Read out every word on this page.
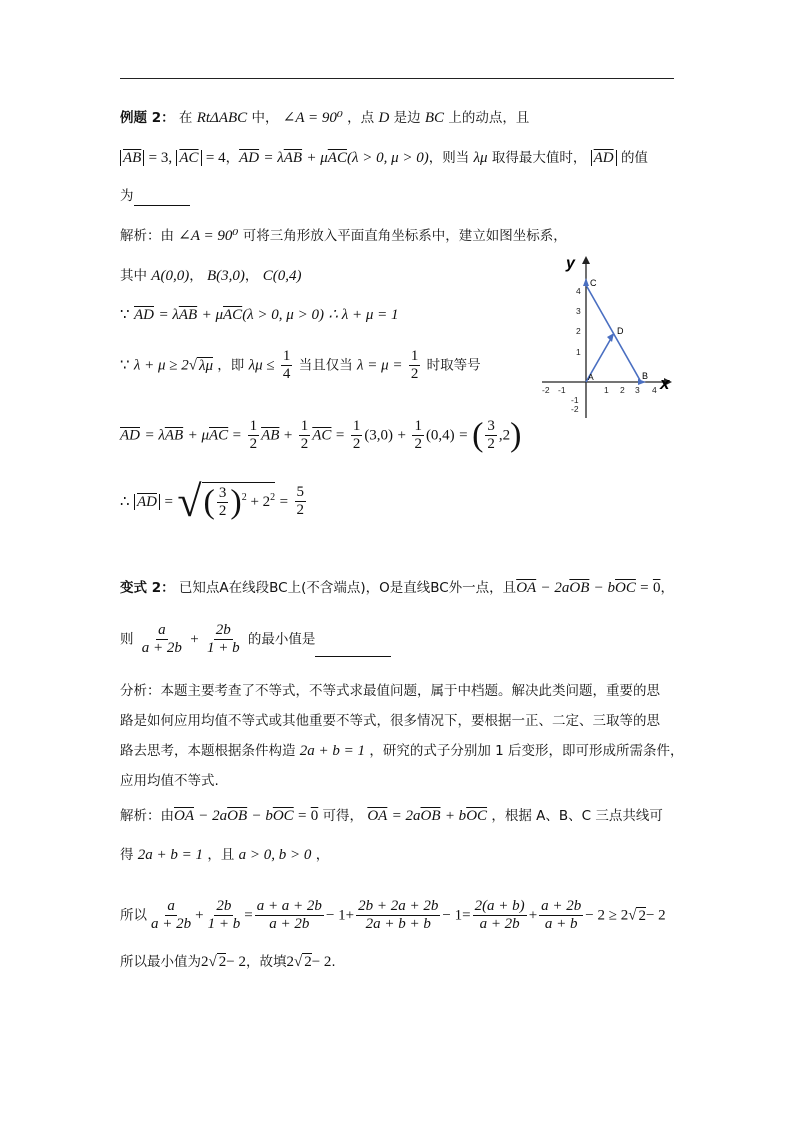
例题 2： 在 RtΔABC 中， ∠A = 90⁰ ，点 D 是边 BC 上的动点，且
$\overline{AB} = 3$, $\overline{AC} = 4$，$\overline{AD} = \lambda\overline{AB} + \mu\overline{AC}(\lambda > 0$, μ > 0)，则当 λμ 取得最大值时， $\overline{AD}$ 的值
为
解析：由 ∠A = 90⁰ 可将三角形放入平面直角坐标系中，建立如图坐标系，
其中 A(0,0)， B(3,0)， C(0,4)
∵ $\overline{AD} = \lambda\overline{AB} + \mu\overline{AC}(\lambda > 0$, μ > 0) ∴ λ + μ = 1
∵ λ + μ ≥ 2√ λμ ，即 $\lambda\mu \le \frac{1}{4}$ 当且仅当 $\lambda = \mu = \frac{1}{2}$ 时取等号
$\overline{AD} = \lambda\overline{AB} + \mu\overline{AC} = \frac{1}{2} \overline{AB} + \frac{1}{2} \overline{AC} = \frac{1}{2} (3,0) + \frac{1}{2} (0,4)$ = ( $\frac{3}{2} ,2$)
∴ $\overline{AD}$ = √( $\frac{3}{2} )^2 + 2^2 = \frac{5}{2}$
y
x
-2 -1	1 2 3 4
4
3
2
1
-1
-2
C
D
B
A
变式 2： 已知点A在线段BC上(不含端点)，O是直线BC外一点，且$\overline{OA} - 2a\overline{OB} - b\overline{OC} = 0$，
则 $\frac{a}{a + 2b} + \frac{2b}{1 + b}$ 的最小值是
分析：本题主要考查了不等式，不等式求最值问题，属于中档题。解决此类问题，重要的思
路是如何应用均值不等式或其他重要不等式，很多情况下，要根据一正、二定、三取等的思
路去思考，本题根据条件构造 2a + b = 1 ，研究的式子分别加 1 后变形，即可形成所需条件，
应用均值不等式.
解析：由$\overline{OA} - 2a\overline{OB} - b\overline{OC} = 0$ 可得， $\overline{OA} = 2a\overline{OB} + b\overline{OC}$ ，根据 A、B、C 三点共线可
得 2a + b = 1 ，且 a > 0, b > 0 ，
所以 $\frac{a}{a + 2b} + \frac{2b}{1 + b} = \frac{a + a + 2b}{a + 2b} - 1+ \frac{2b + 2a + 2b}{2a + b + b} - 1= \frac{2(a + b)}{a + 2b} + \frac{a + 2b}{a + b} - 2 \ge 2√$ 2− 2
所以最小值为2√ 2− 2，故填2√ 2− 2.
